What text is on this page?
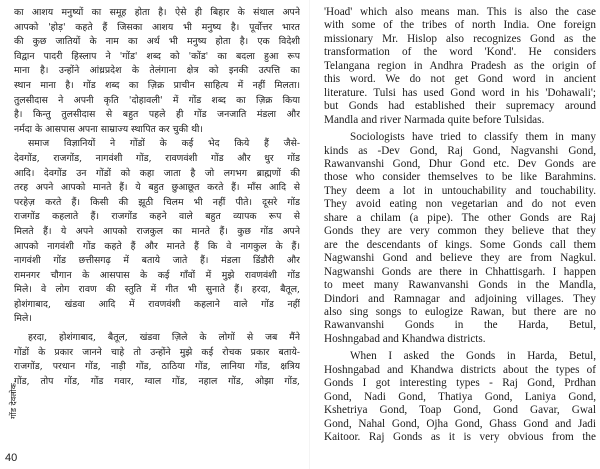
का आशय मनुष्यों का समूह होता है। ऐसे ही बिहार के संथाल अपने
आपको 'होड़' कहते हैं जिसका आशय भी मनुष्य है। पूर्वोत्तर भारत
की कुछ जातियों के नाम का अर्थ भी मनुष्य होता है। एक विदेशी
विद्वान पादरी हिस्लाप ने 'गोंड' शब्द को 'कोंड' का बदला हुआ रूप
माना है। उन्होंने आंध्रप्रदेश के तेलंगाना क्षेत्र को इनकी उत्पत्ति का
स्थान माना है। गोंड शब्द का ज़िक्र प्राचीन साहित्य में नहीं मिलता।
तुलसीदास ने अपनी कृति 'दोहावली' में गोंड शब्द का ज़िक्र किया
है। किन्तु तुलसीदास से बहुत पहले ही गोंड जनजाति मंडला और
नर्मदा के आसपास अपना साम्राज्य स्थापित कर चुकी थी।
समाज विज्ञानियों ने गोंडों के कई भेद किये हैं जैसे-
देवगोंड, राजगोंड, नागवंशी गोंड, रावणवंशी गोंड और धुर गोंड
आदि। देवगोंड उन गोंडों को कहा जाता है जो लगभग ब्राह्मणों की
तरह अपने आपको मानते हैं। ये बहुत छुआछूत करते हैं। माँस आदि से
परहेज़ करते हैं। किसी की झूठी चिलम भी नहीं पीते। दूसरे गोंड
राजगोंड कहलाते हैं। राजगोंड कहने वाले बहुत व्यापक रूप से
मिलते हैं। ये अपने आपको राजकुल का मानते हैं। कुछ गोंड अपने
आपको नागवंशी गोंड कहते हैं और मानते हैं कि वे नागकुल के हैं।
नागवंशी गोंड छत्तीसगढ़ में बताये जाते हैं। मंडला डिंडौरी और
रामनगर चौगान के आसपास के कई गाँवों में मुझे रावणवंशी गोंड
मिले। वे लोग रावण की स्तुति में गीत भी सुनाते हैं। हरदा, बैतूल,
होशंगाबाद, खंडवा आदि में रावणवंशी कहलाने वाले गोंड नहीं
मिले।
हरदा, होशंगाबाद, बैतूल, खंडवा ज़िले के लोगों से जब मैंने
गोंडों के प्रकार जानने चाहे तो उन्होंने मुझे कई रोचक प्रकार बताये-
राजगोंड, परधान गोंड, नाड़ी गोंड, ठाठिया गोंड, लानिया गोंड, क्षत्रिय
गोंड, तोप गोंड, गोंड गवार, ग्वाल गोंड, नहाल गोंड, ओझा गोंड,
'Hoad' which also means man. This is also the case
with some of the tribes of north India. One foreign
missionary Mr. Hislop also recognizes Gond as the
transformation of the word 'Kond'. He considers
Telangana region in Andhra Pradesh as the origin of
this word. We do not get Gond word in ancient
literature. Tulsi has used Gond word in his 'Dohawali';
but Gonds had established their supremacy around
Mandla and river Narmada quite before Tulsidas.
Sociologists have tried to classify them in many
kinds as -Dev Gond, Raj Gond, Nagvanshi Gond,
Rawanvanshi Gond, Dhur Gond etc. Dev Gonds are
those who consider themselves to be like Barahmins.
They deem a lot in untouchability and touchability.
They avoid eating non vegetarian and do not even
share a chilam (a pipe). The other Gonds are Raj
Gonds they are very common they believe that they
are the descendants of kings. Some Gonds call them
Nagwanshi Gond and believe they are from Nagkul.
Nagwanshi Gonds are there in Chhattisgarh. I happen
to meet many Rawanvanshi Gonds in the Mandla,
Dindori and Ramnagar and adjoining villages. They
also sing songs to eulogize Rawan, but there are no
Rawanvanshi Gonds in the Harda, Betul,
Hoshngabad and Khandwa districts.
When I asked the Gonds in Harda, Betul,
Hoshngabad and Khandwa districts about the types of
Gonds I got interesting types - Raj Gond, Prdhan
Gond, Nadi Gond, Thatiya Gond, Laniya Gond,
Kshetriya Gond, Toap Gond, Gond Gavar, Gwal
Gond, Nahal Gond, Ojha Gond, Ghass Gond and Jadi
Kaitoor. Raj Gonds as it is very obvious from the
गोंड देवलोक
40
